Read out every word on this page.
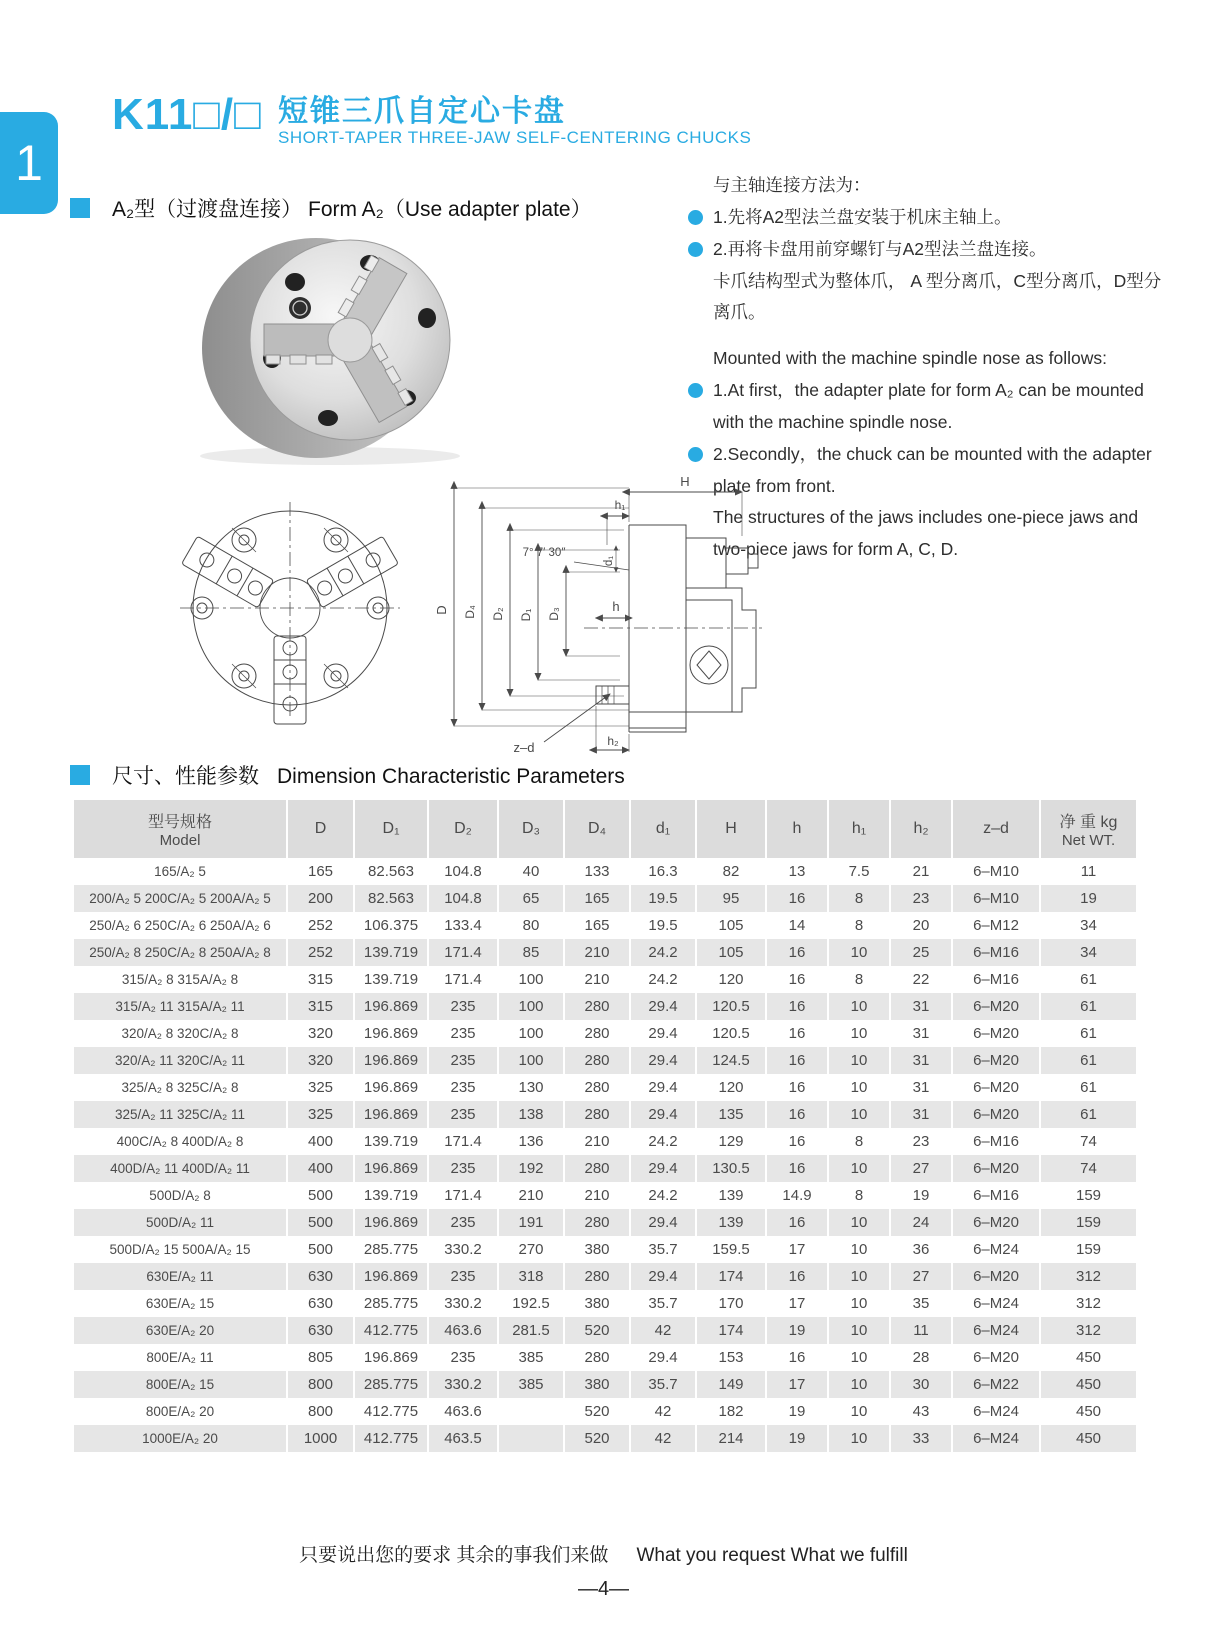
1
K11□/□ 短锥三爪自定心卡盘
SHORT-TAPER THREE-JAW SELF-CENTERING CHUCKS
A₂型（过渡盘连接） Form A₂（Use adapter plate）

与主轴连接方法为：

1.先将A2型法兰盘安装于机床主轴上。
2.再将卡盘用前穿螺钉与A2型法兰盘连接。

卡爪结构型式为整体爪， A 型分离爪，C型分离爪，D型分离爪。

Mounted with the machine spindle nose as follows:

1.At first，the adapter plate for form A₂ can be mounted with the machine spindle nose.
2.Secondly，the chuck can be mounted with the adapter plate from front.

The structures of the jaws includes one-piece jaws and two-piece jaws for form A, C, D.

H
h₁
7° 7′ 30″
d₁
D D₄ D₂ D₁ D₃	h
z–d	h₂
尺寸、性能参数 Dimension Characteristic Parameters
型号规格
Model	D	D₁	D₂	D₃	D₄	d₁	H	h	h₁	h₂	z–d	净 重 kg
Net WT.

165/A₂ 5	165	82.563	104.8	40	133	16.3	82	13	7.5	21	6–M10	11
200/A₂ 5 200C/A₂ 5 200A/A₂ 5	200	82.563	104.8	65	165	19.5	95	16	8	23	6–M10	19
250/A₂ 6 250C/A₂ 6 250A/A₂ 6	252	106.375	133.4	80	165	19.5	105	14	8	20	6–M12	34
250/A₂ 8 250C/A₂ 8 250A/A₂ 8	252	139.719	171.4	85	210	24.2	105	16	10	25	6–M16	34
315/A₂ 8 315A/A₂ 8	315	139.719	171.4	100	210	24.2	120	16	8	22	6–M16	61
315/A₂ 11 315A/A₂ 11	315	196.869	235	100	280	29.4	120.5	16	10	31	6–M20	61
320/A₂ 8 320C/A₂ 8	320	196.869	235	100	280	29.4	120.5	16	10	31	6–M20	61
320/A₂ 11 320C/A₂ 11	320	196.869	235	100	280	29.4	124.5	16	10	31	6–M20	61
325/A₂ 8 325C/A₂ 8	325	196.869	235	130	280	29.4	120	16	10	31	6–M20	61
325/A₂ 11 325C/A₂ 11	325	196.869	235	138	280	29.4	135	16	10	31	6–M20	61
400C/A₂ 8 400D/A₂ 8	400	139.719	171.4	136	210	24.2	129	16	8	23	6–M16	74
400D/A₂ 11 400D/A₂ 11	400	196.869	235	192	280	29.4	130.5	16	10	27	6–M20	74
500D/A₂ 8	500	139.719	171.4	210	210	24.2	139	14.9	8	19	6–M16	159
500D/A₂ 11	500	196.869	235	191	280	29.4	139	16	10	24	6–M20	159
500D/A₂ 15 500A/A₂ 15	500	285.775	330.2	270	380	35.7	159.5	17	10	36	6–M24	159
630E/A₂ 11	630	196.869	235	318	280	29.4	174	16	10	27	6–M20	312
630E/A₂ 15	630	285.775	330.2	192.5	380	35.7	170	17	10	35	6–M24	312
630E/A₂ 20	630	412.775	463.6	281.5	520	42	174	19	10	11	6–M24	312
800E/A₂ 11	805	196.869	235	385	280	29.4	153	16	10	28	6–M20	450
800E/A₂ 15	800	285.775	330.2	385	380	35.7	149	17	10	30	6–M22	450
800E/A₂ 20	800	412.775	463.6		520	42	182	19	10	43	6–M24	450
1000E/A₂ 20	1000	412.775	463.5		520	42	214	19	10	33	6–M24	450
只要说出您的要求 其余的事我们来做 What you request What we fulfill
—4—
